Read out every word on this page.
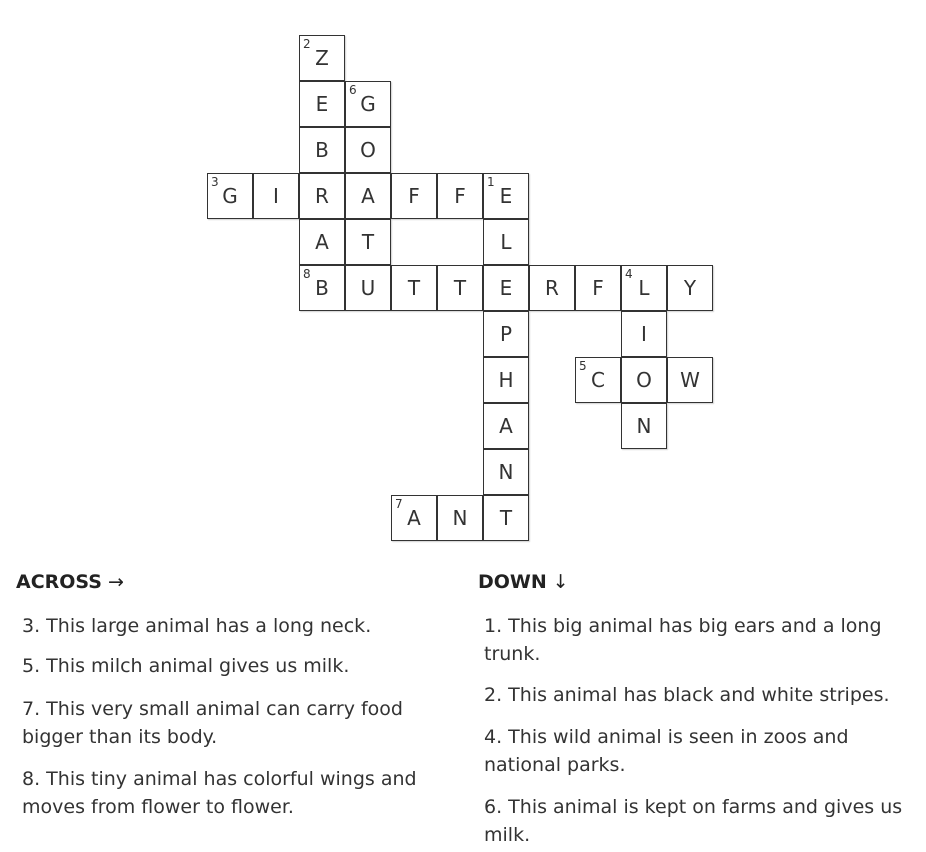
2
Z
E
6
G
B	O
3
G	I	R	A	F	F
1
E
A	T	L
8
B	U	T	T	E	R	F
4
L	Y
P	I
H
5
C	O	W
A	N
N
7
A	N	T
ACROSS →	DOWN ↓
3. This large animal has a long neck.
5. This milch animal gives us milk.
7. This very small animal can carry food bigger than its body.
8. This tiny animal has colorful wings and moves from flower to flower.
1. This big animal has big ears and a long trunk.
2. This animal has black and white stripes.
4. This wild animal is seen in zoos and national parks.
6. This animal is kept on farms and gives us milk.
